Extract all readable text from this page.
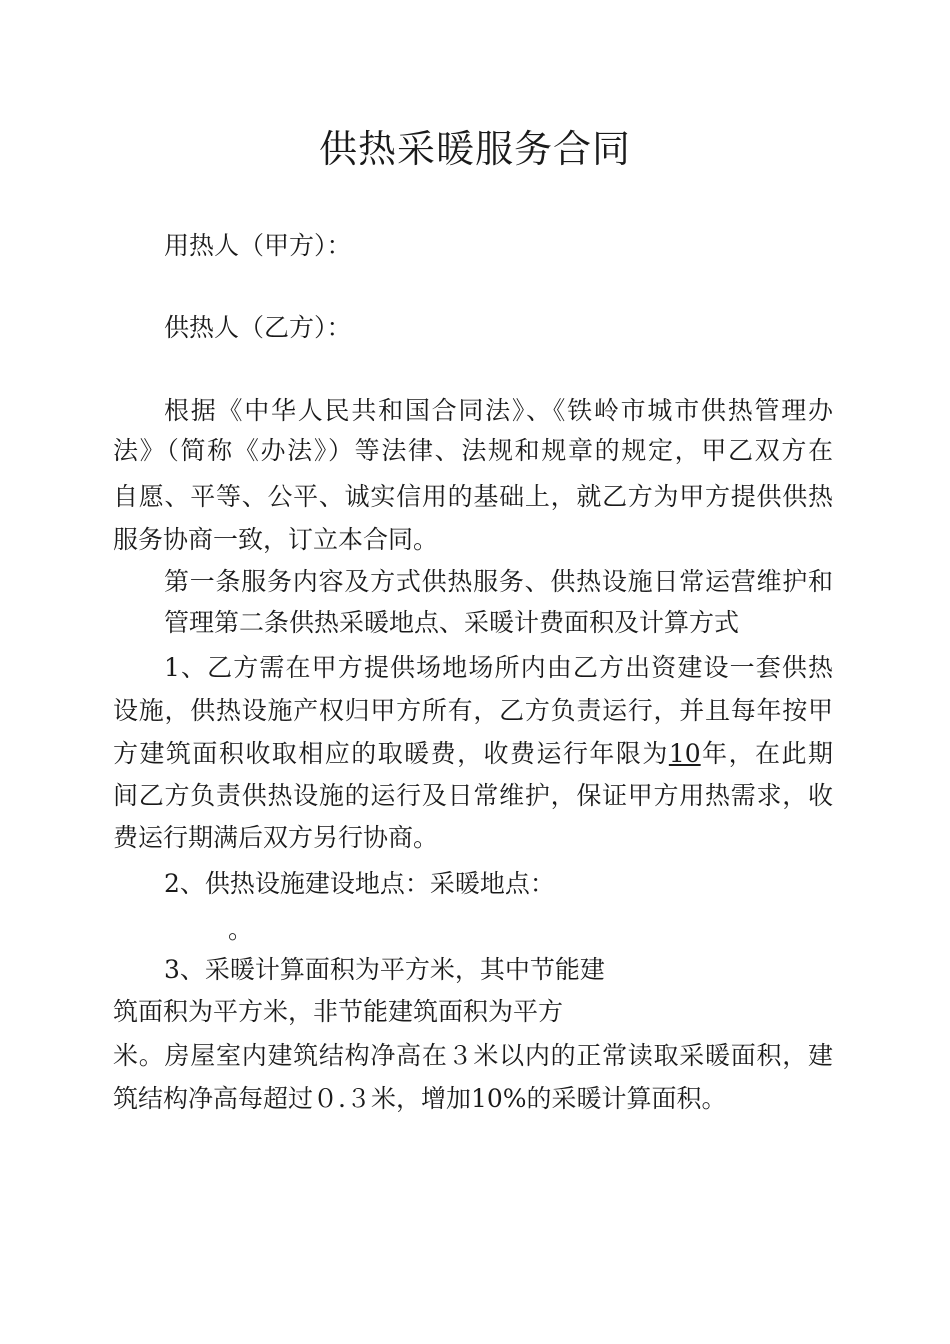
供热采暖服务合同
用热人（甲方）：
供热人（乙方）：
根据《中华人民共和国合同法》、《铁岭市城市供热管理办
法》（简称《办法》）等法律、法规和规章的规定，甲乙双方在
自愿、平等、公平、诚实信用的基础上，就乙方为甲方提供供热
服务协商一致，订立本合同。
第一条服务内容及方式供热服务、供热设施日常运营维护和
管理第二条供热采暖地点、采暖计费面积及计算方式
1、乙方需在甲方提供场地场所内由乙方出资建设一套供热
设施，供热设施产权归甲方所有，乙方负责运行，并且每年按甲
方建筑面积收取相应的取暖费，收费运行年限为10年，在此期
间乙方负责供热设施的运行及日常维护，保证甲方用热需求，收
费运行期满后双方另行协商。
2、供热设施建设地点：采暖地点：
。
3、采暖计算面积为平方米，其中节能建
筑面积为平方米，非节能建筑面积为平方
米。房屋室内建筑结构净高在３米以内的正常读取采暖面积，建
筑结构净高每超过０.３米，增加10%的采暖计算面积。
